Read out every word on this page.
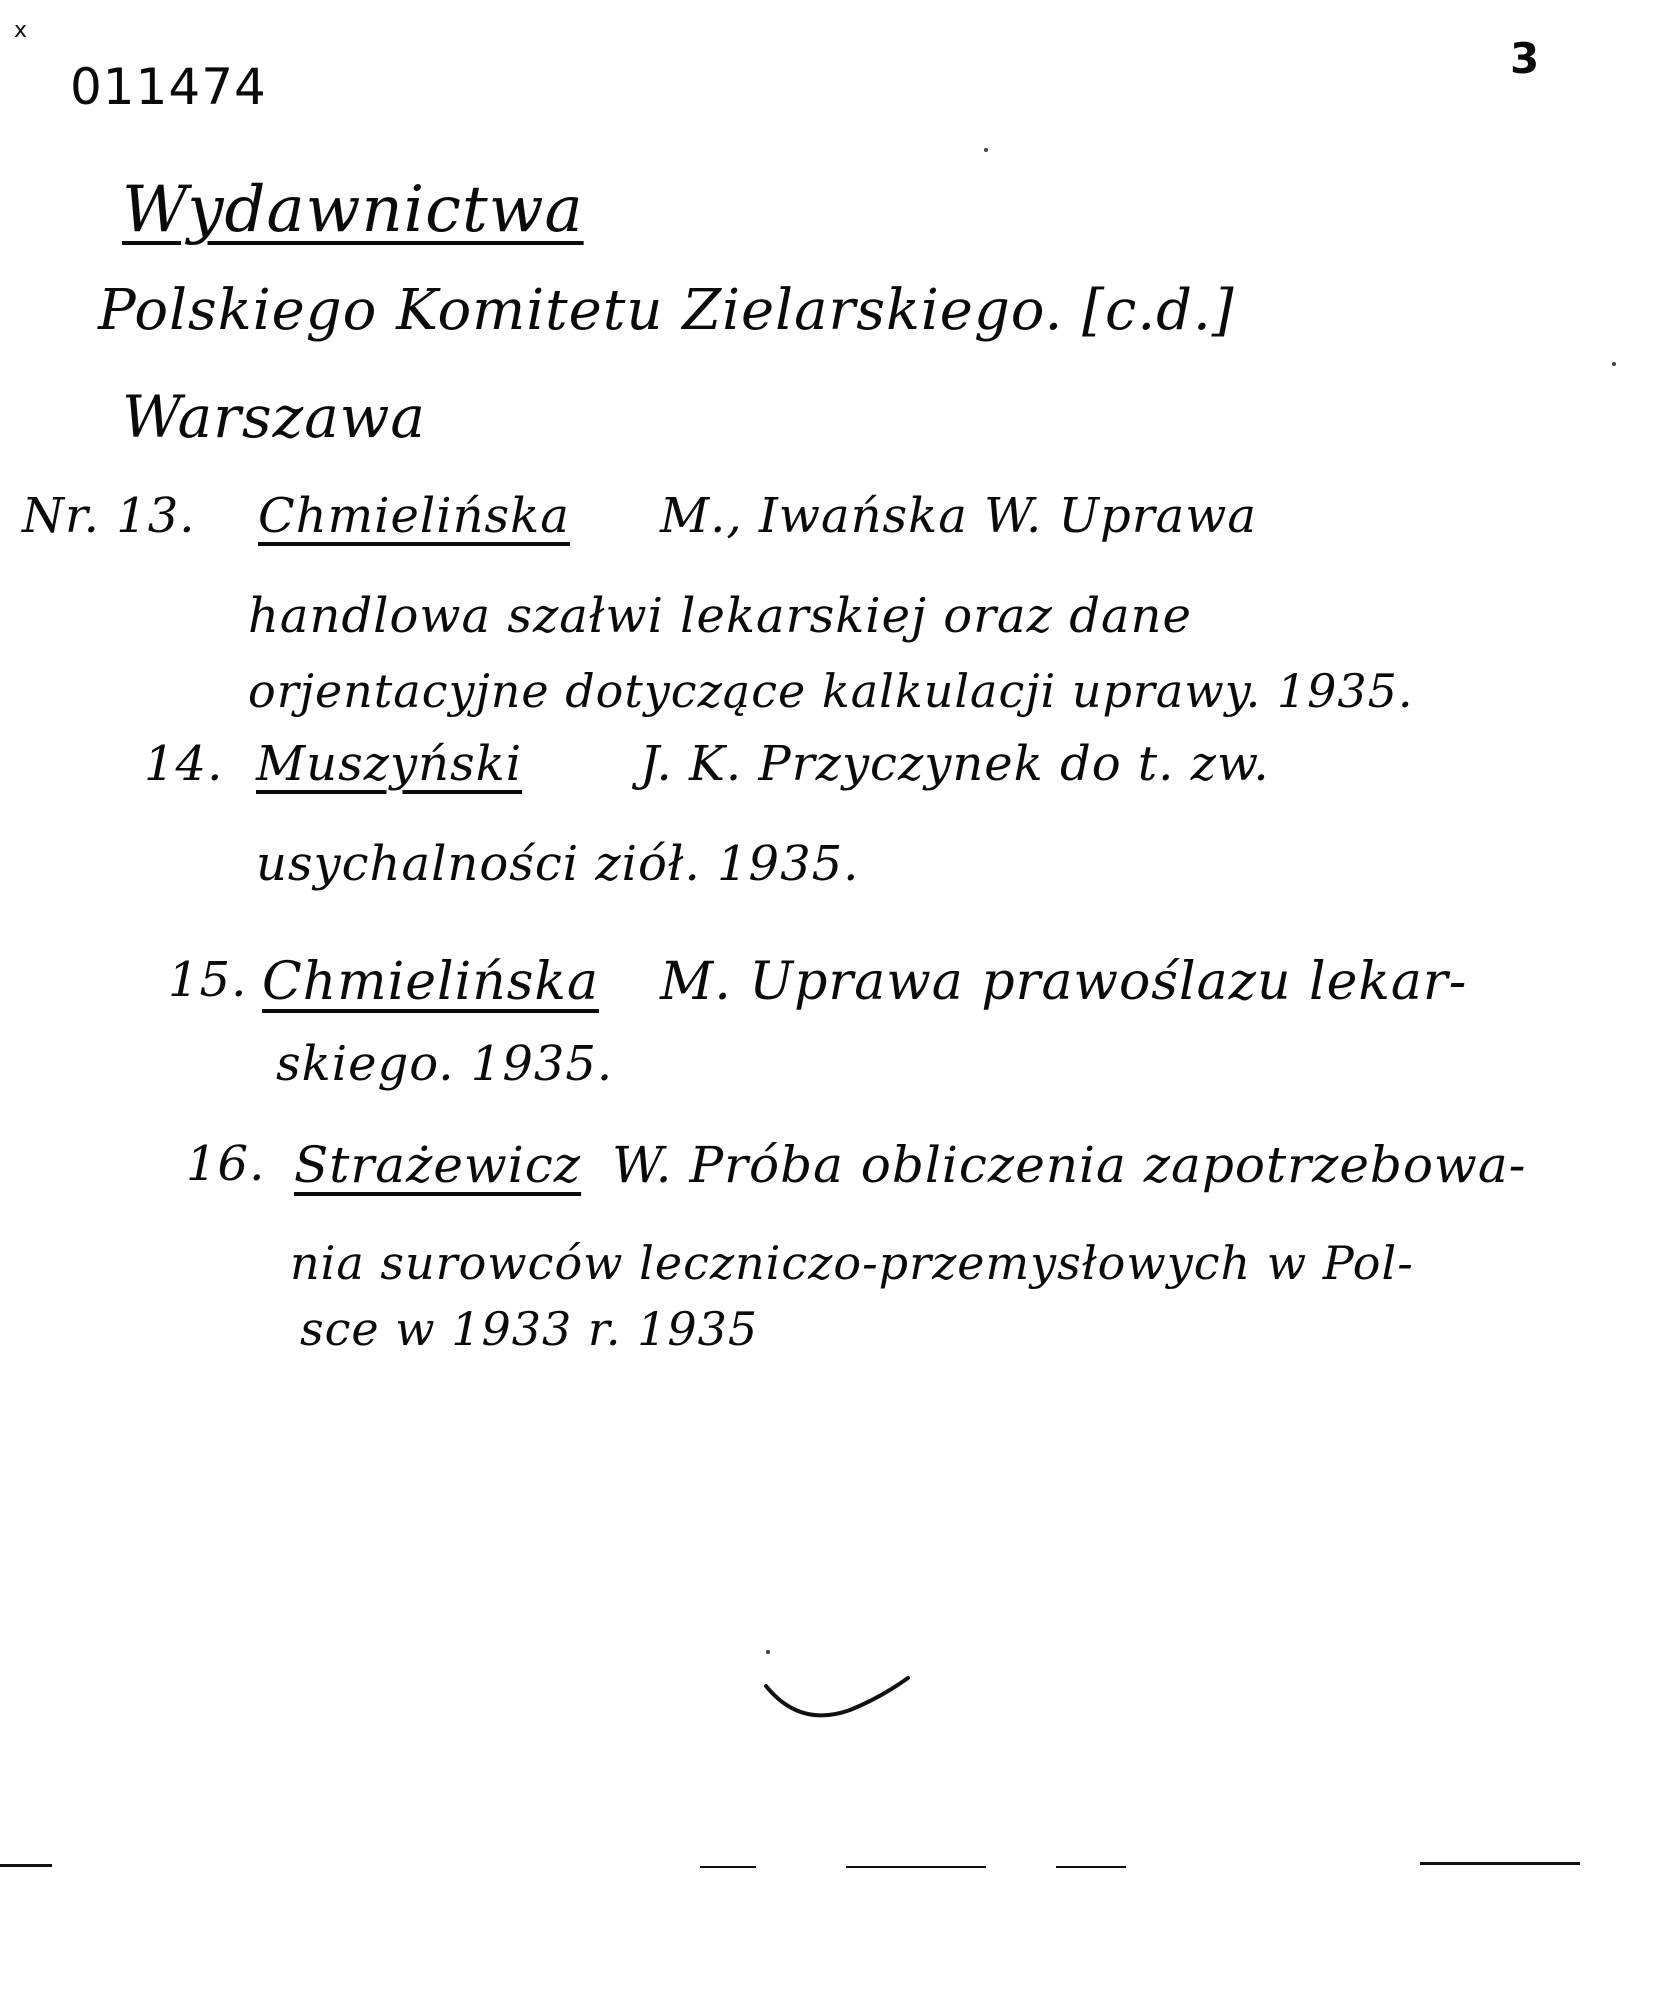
x
011474	3
Wydawnictwa
Polskiego Komitetu Zielarskiego. [c.d.]
Warszawa
Nr. 13. Chmielińska M., Iwańska W. Uprawa
handlowa szałwi lekarskiej oraz dane
orjentacyjne dotyczące kalkulacji uprawy. 1935.
14. Muszyński J. K. Przyczynek do t. zw.
usychalności ziół. 1935.
15. Chmielińska M. Uprawa prawoślazu lekar-
skiego. 1935.
16. Strażewicz W. Próba obliczenia zapotrzebowa-
nia surowców leczniczo-przemysłowych w Pol-
sce w 1933 r. 1935
